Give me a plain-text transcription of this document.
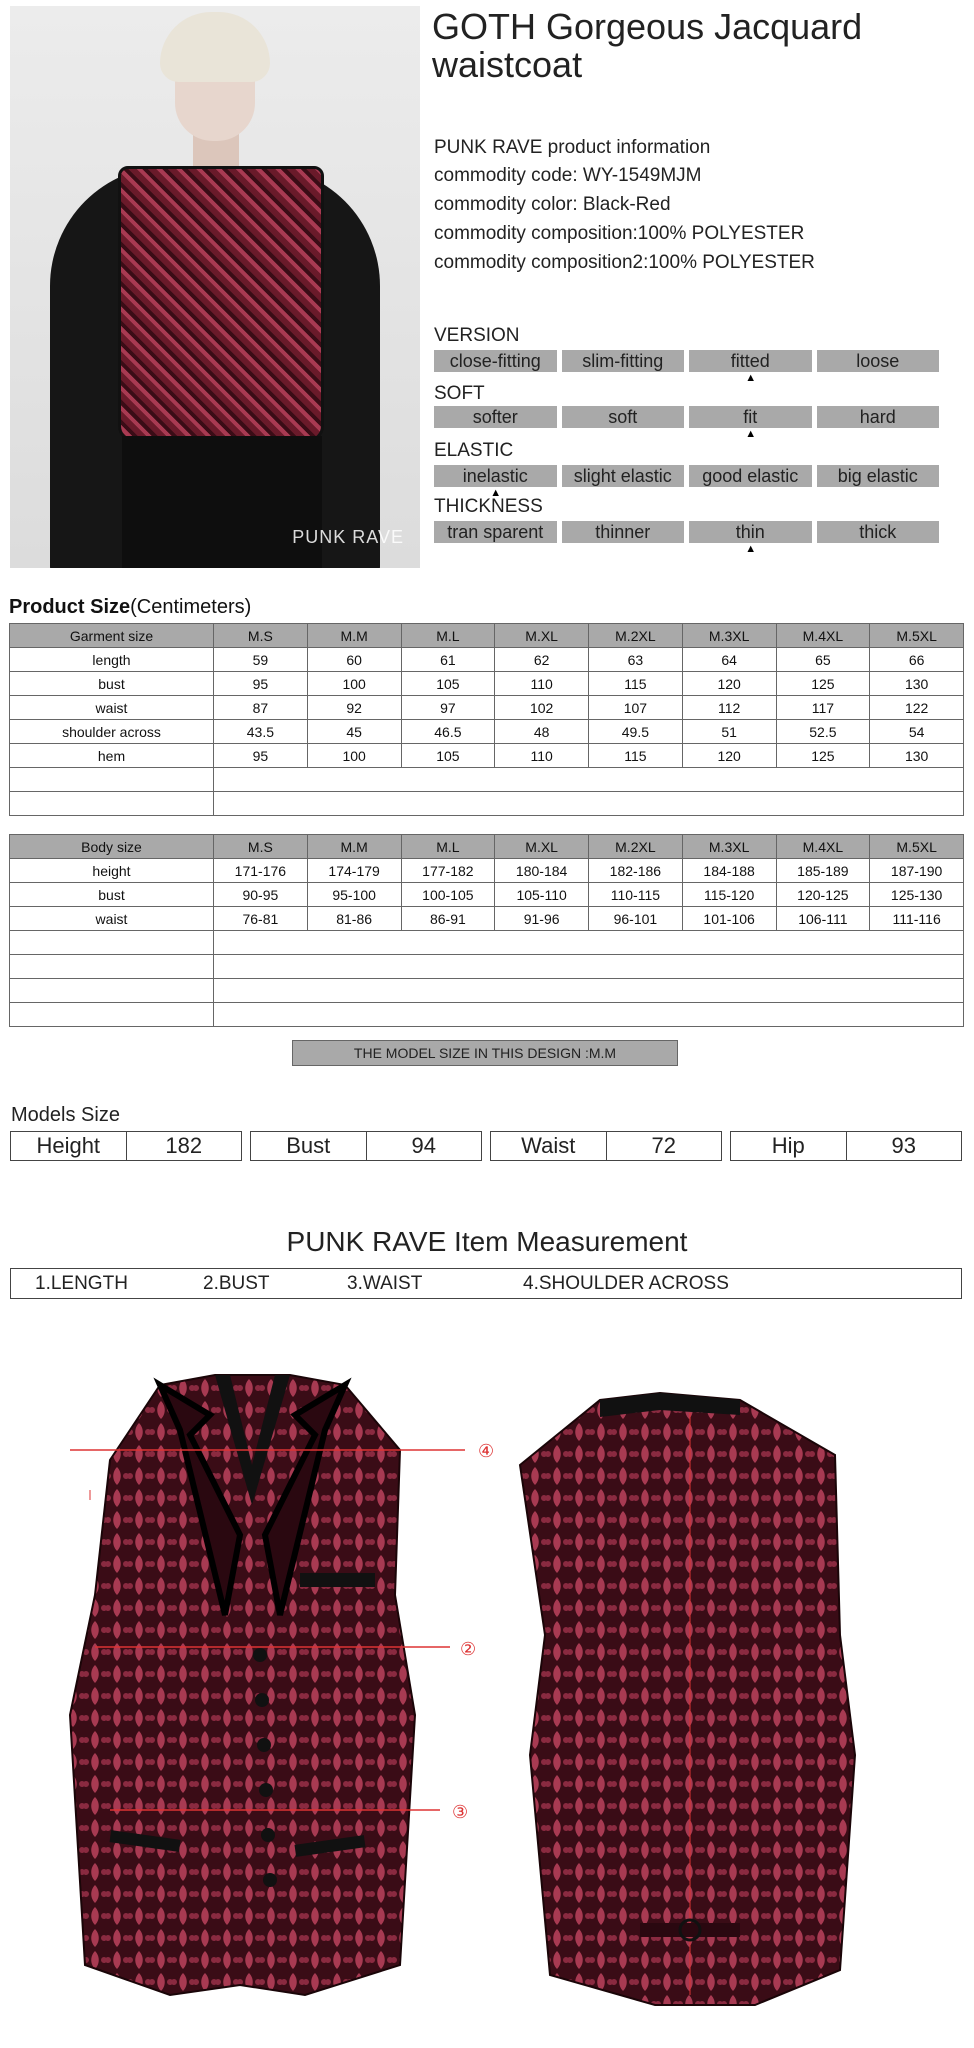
PUNK RAVE
GOTH Gorgeous Jacquard
waistcoat
PUNK RAVE product information
commodity code: WY-1549MJM
commodity color: Black-Red
commodity composition:100% POLYESTER
commodity composition2:100% POLYESTER
VERSION
close-fitting	slim-fitting	fitted	loose
▲
SOFT
softer	soft	fit	hard
▲
ELASTIC
inelastic	slight elastic	good elastic	big elastic
▲
THICKNESS
tran sparent	thinner	thin	thick
▲
Product Size(Centimeters)
Garment size	M.S	M.M	M.L	M.XL	M.2XL	M.3XL	M.4XL	M.5XL
length	59	60	61	62	63	64	65	66
bust	95	100	105	110	115	120	125	130
waist	87	92	97	102	107	112	117	122
shoulder across	43.5	45	46.5	48	49.5	51	52.5	54
hem	95	100	105	110	115	120	125	130

Body size	M.S	M.M	M.L	M.XL	M.2XL	M.3XL	M.4XL	M.5XL
height	171-176	174-179	177-182	180-184	182-186	184-188	185-189	187-190
bust	90-95	95-100	100-105	105-110	110-115	115-120	120-125	125-130
waist	76-81	81-86	86-91	91-96	96-101	101-106	106-111	111-116

THE MODEL SIZE IN THIS DESIGN :M.M
Models Size
Height	182	Bust	94	Waist	72	Hip	93
PUNK RAVE Item Measurement
1.LENGTH	2.BUST	3.WAIST	4.SHOULDER ACROSS
④
②
③
